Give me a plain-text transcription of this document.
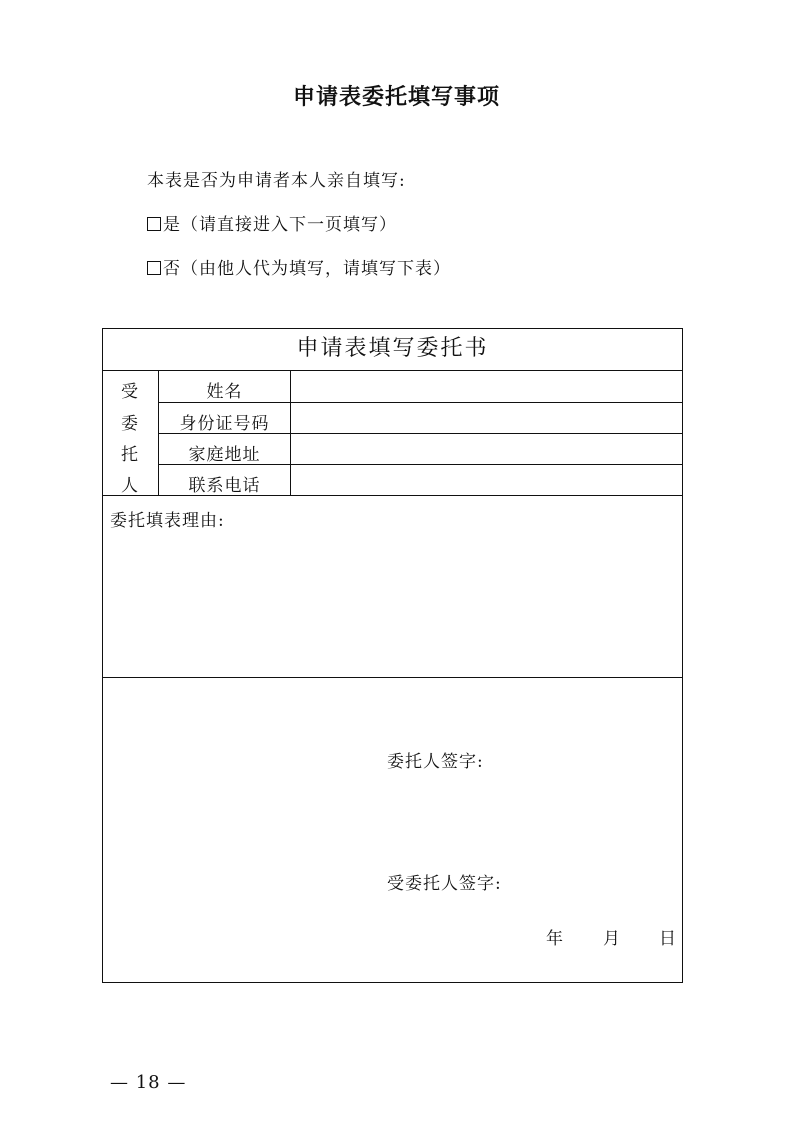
申请表委托填写事项
本表是否为申请者本人亲自填写:
是（请直接进入下一页填写）
否（由他人代为填写，请填写下表）
申请表填写委托书
受
委
托
人
姓名
身份证号码
家庭地址
联系电话
委托填表理由:
委托人签字:
受委托人签字:
年 月 日
— 18 —
